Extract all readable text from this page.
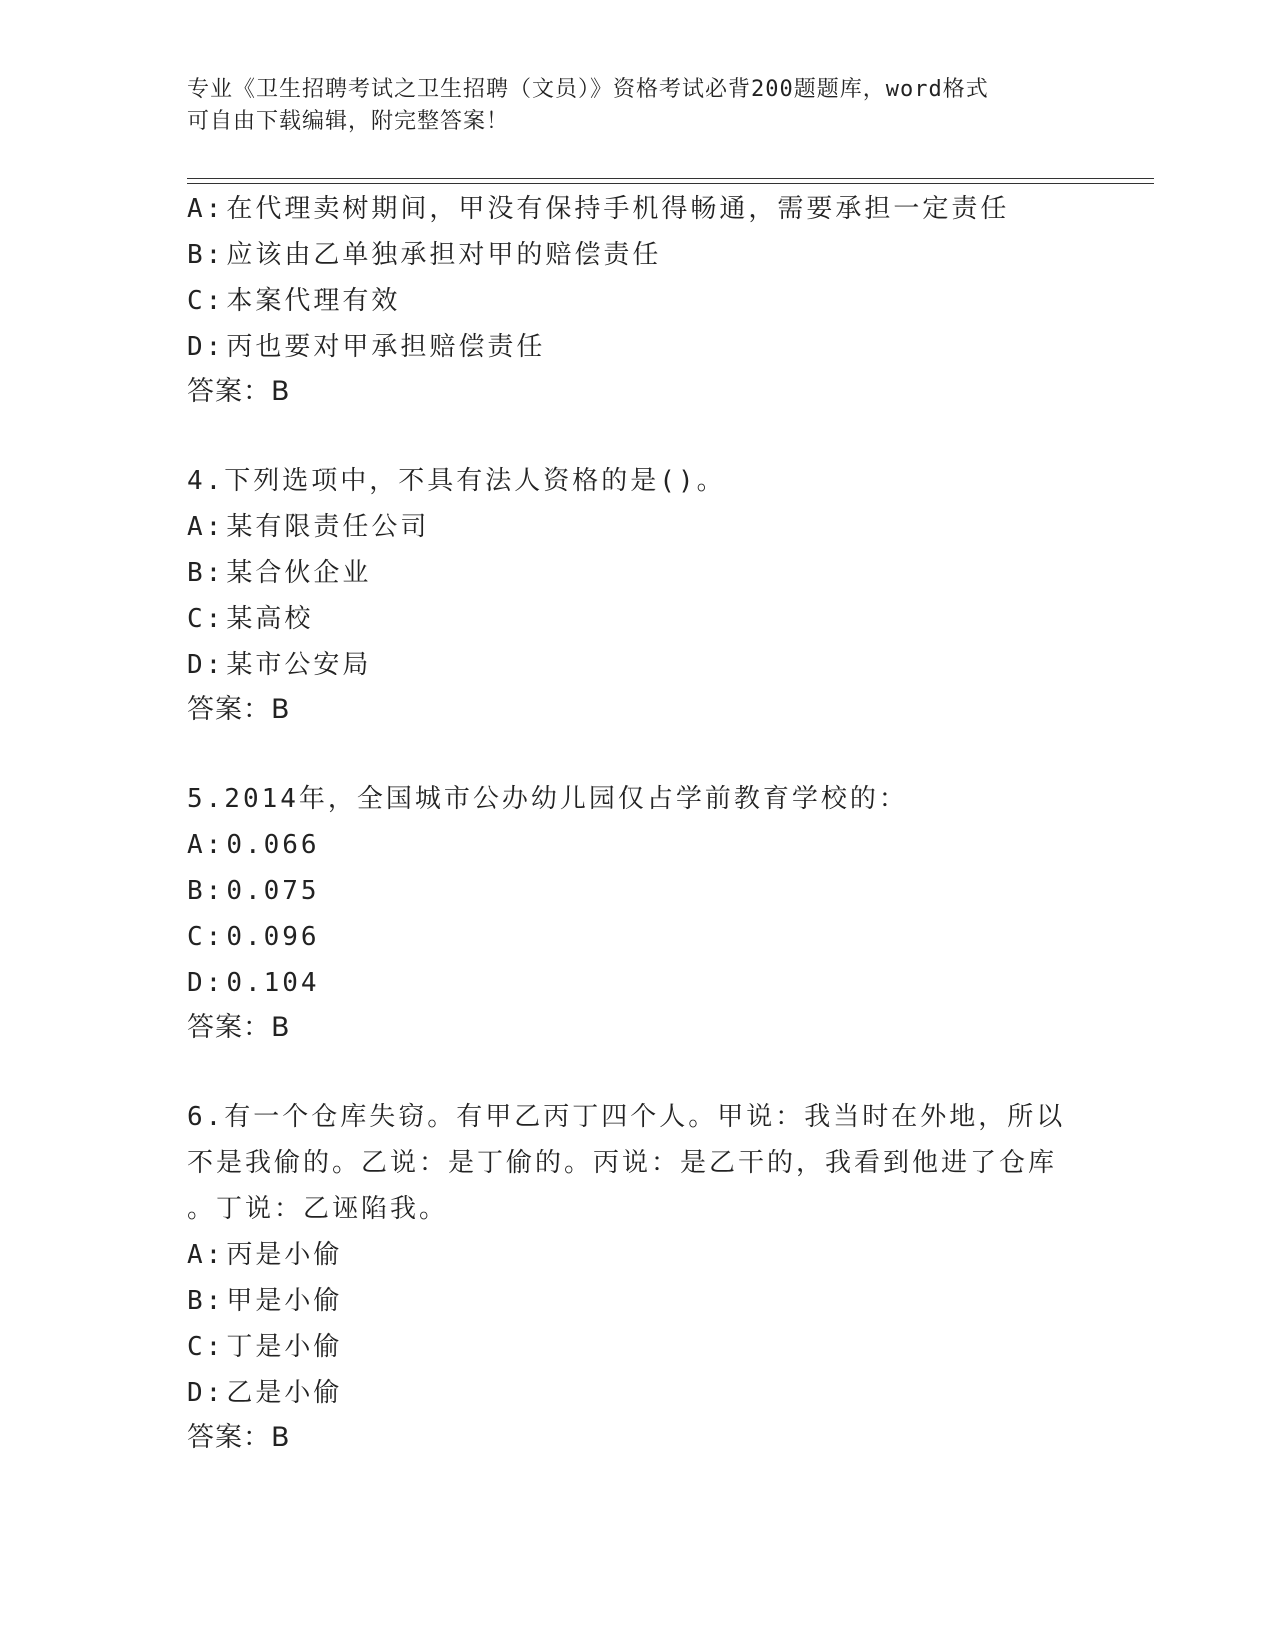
专业《卫生招聘考试之卫生招聘（文员）》资格考试必背200题题库，word格式
可自由下载编辑，附完整答案！
A:在代理卖树期间，甲没有保持手机得畅通，需要承担一定责任
B:应该由乙单独承担对甲的赔偿责任
C:本案代理有效
D:丙也要对甲承担赔偿责任
答案：B
4.下列选项中，不具有法人资格的是()。
A:某有限责任公司
B:某合伙企业
C:某高校
D:某市公安局
答案：B
5.2014年，全国城市公办幼儿园仅占学前教育学校的：
A:0.066
B:0.075
C:0.096
D:0.104
答案：B
6.有一个仓库失窃。有甲乙丙丁四个人。甲说：我当时在外地，所以
不是我偷的。乙说：是丁偷的。丙说：是乙干的，我看到他进了仓库
。丁说：乙诬陷我。
A:丙是小偷
B:甲是小偷
C:丁是小偷
D:乙是小偷
答案：B
